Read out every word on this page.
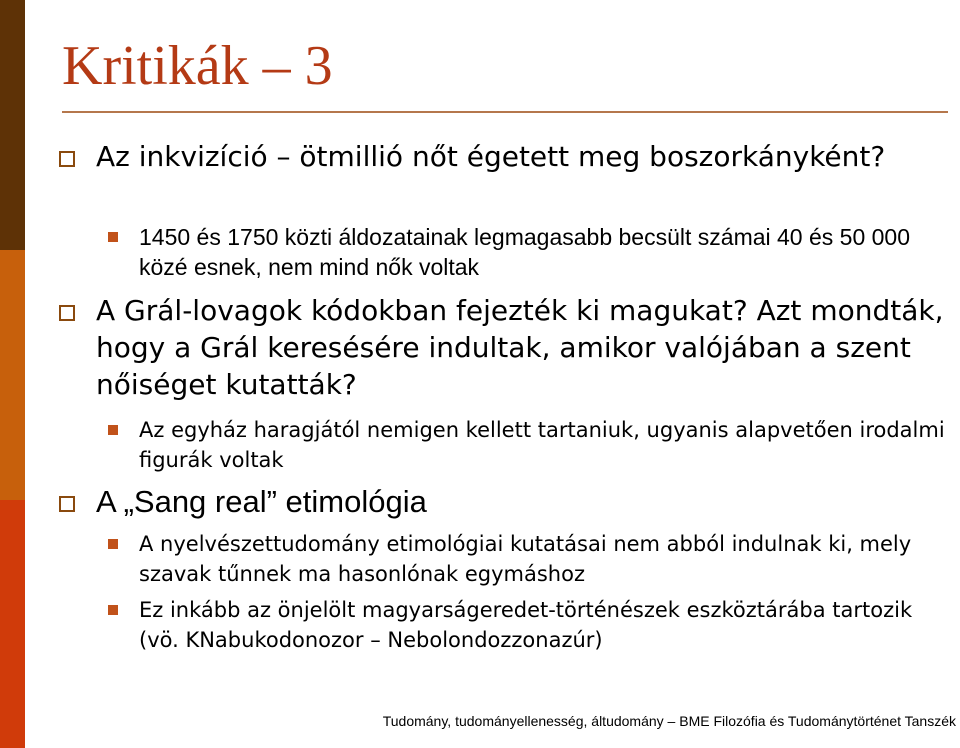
Kritikák – 3
Az inkvizíció – ötmillió nőt égetett meg boszorkányként?
1450 és 1750 közti áldozatainak legmagasabb becsült számai 40 és 50 000 közé esnek, nem mind nők voltak
A Grál-lovagok kódokban fejezték ki magukat? Azt mondták, hogy a Grál keresésére indultak, amikor valójában a szent nőiséget kutatták?
Az egyház haragjától nemigen kellett tartaniuk, ugyanis alapvetően irodalmi figurák voltak
A „Sang real” etimológia
A nyelvészettudomány etimológiai kutatásai nem abból indulnak ki, mely szavak tűnnek ma hasonlónak egymáshoz
Ez inkább az önjelölt magyarságeredet-történészek eszköztárába tartozik (vö. KNabukodonozor – Nebolondozzonazúr)
Tudomány, tudományellenesség, áltudomány – BME Filozófia és Tudománytörténet Tanszék
